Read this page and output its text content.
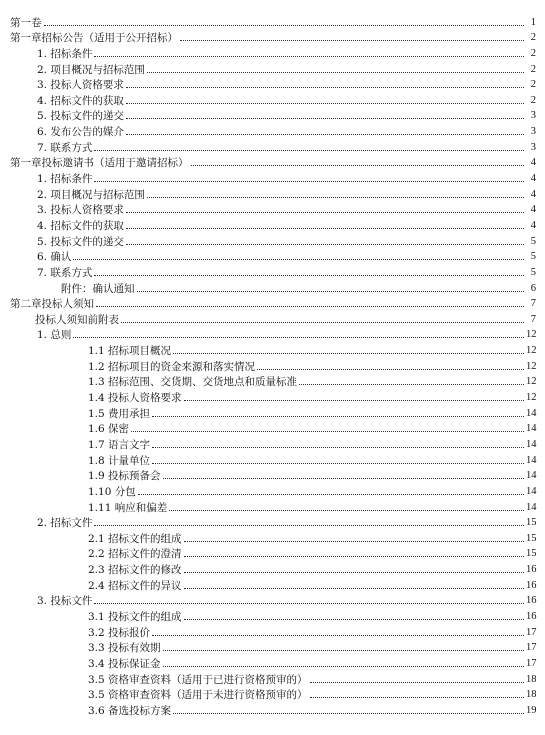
第一卷	1
第一章招标公告（适用于公开招标）	2
1. 招标条件	2
2. 项目概况与招标范围	2
3. 投标人资格要求	2
4. 招标文件的获取	2
5. 投标文件的递交	3
6. 发布公告的媒介	3
7. 联系方式	3
第一章投标邀请书（适用于邀请招标）	4
1. 招标条件	4
2. 项目概况与招标范围	4
3. 投标人资格要求	4
4. 招标文件的获取	4
5. 投标文件的递交	5
6. 确认	5
7. 联系方式	5
附件：确认通知	6
第二章投标人须知	7
投标人须知前附表	7
1. 总则	12
1.1 招标项目概况	12
1.2 招标项目的资金来源和落实情况	12
1.3 招标范围、交货期、交货地点和质量标准	12
1.4 投标人资格要求	12
1.5 费用承担	14
1.6 保密	14
1.7 语言文字	14
1.8 计量单位	14
1.9 投标预备会	14
1.10 分包	14
1.11 响应和偏差	14
2. 招标文件	15
2.1 招标文件的组成	15
2.2 招标文件的澄清	15
2.3 招标文件的修改	16
2.4 招标文件的异议	16
3. 投标文件	16
3.1 投标文件的组成	16
3.2 投标报价	17
3.3 投标有效期	17
3.4 投标保证金	17
3.5 资格审查资料（适用于已进行资格预审的）	18
3.5 资格审查资料（适用于未进行资格预审的）	18
3.6 备选投标方案	19
